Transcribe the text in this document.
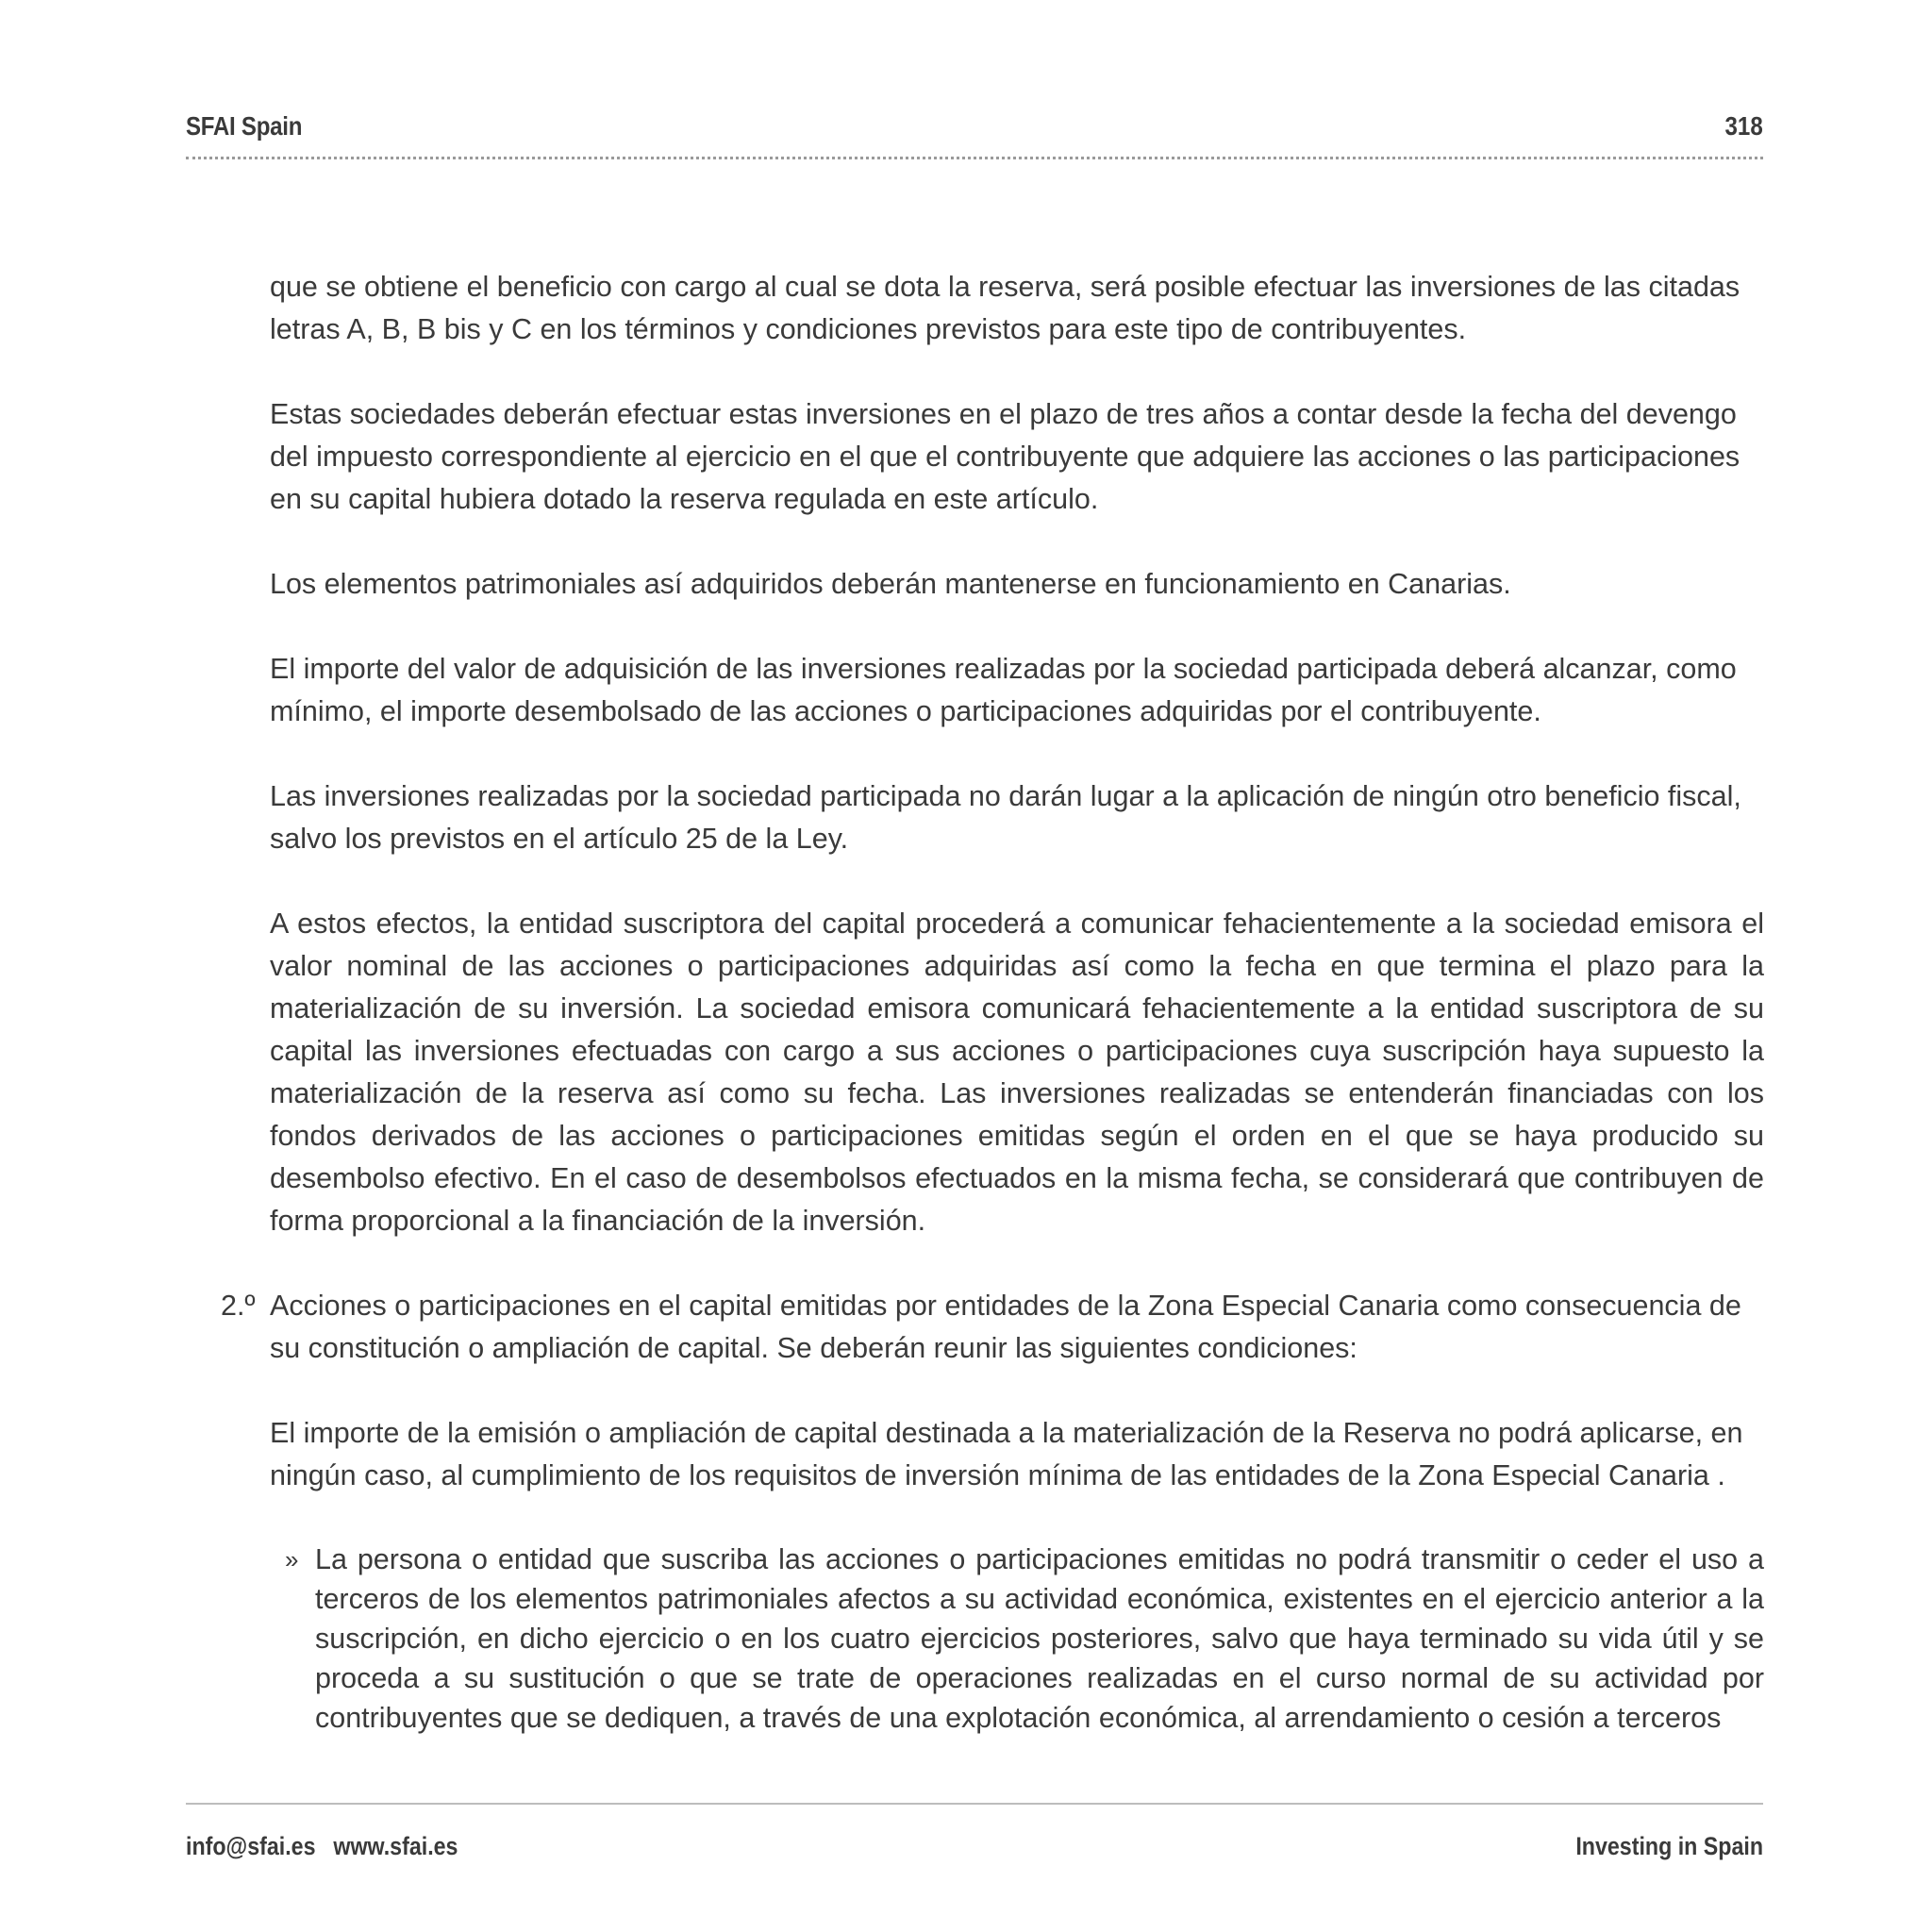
SFAI Spain	318

que se obtiene el beneficio con cargo al cual se dota la reserva, será posible efectuar las inversiones de las citadas letras A, B, B bis y C en los términos y condiciones previstos para este tipo de contribuyentes.

Estas sociedades deberán efectuar estas inversiones en el plazo de tres años a contar desde la fecha del devengo del impuesto correspondiente al ejercicio en el que el contribuyente que adquiere las acciones o las participaciones en su capital hubiera dotado la reserva regulada en este artículo.

Los elementos patrimoniales así adquiridos deberán mantenerse en funcionamiento en Canarias.

El importe del valor de adquisición de las inversiones realizadas por la sociedad participada deberá alcanzar, como mínimo, el importe desembolsado de las acciones o participaciones adquiridas por el contribuyente.

Las inversiones realizadas por la sociedad participada no darán lugar a la aplicación de ningún otro beneficio fiscal, salvo los previstos en el artículo 25 de la Ley.

A estos efectos, la entidad suscriptora del capital procederá a comunicar fehacientemente a la sociedad emisora el valor nominal de las acciones o participaciones adquiridas así como la fecha en que termina el plazo para la materialización de su inversión. La sociedad emisora comunicará fehacientemente a la entidad suscriptora de su capital las inversiones efectuadas con cargo a sus acciones o participaciones cuya suscripción haya supuesto la materialización de la reserva así como su fecha. Las inversiones realizadas se entenderán financiadas con los fondos derivados de las acciones o participaciones emitidas según el orden en el que se haya producido su desembolso efectivo. En el caso de desembolsos efectuados en la misma fecha, se considerará que contribuyen de forma proporcional a la financiación de la inversión.

2.º Acciones o participaciones en el capital emitidas por entidades de la Zona Especial Canaria como consecuencia de su constitución o ampliación de capital. Se deberán reunir las siguientes condiciones:

El importe de la emisión o ampliación de capital destinada a la materialización de la Reserva no podrá aplicarse, en ningún caso, al cumplimiento de los requisitos de inversión mínima de las entidades de la Zona Especial Canaria .

» La persona o entidad que suscriba las acciones o participaciones emitidas no podrá transmitir o ceder el uso a terceros de los elementos patrimoniales afectos a su actividad económica, existentes en el ejercicio anterior a la suscripción, en dicho ejercicio o en los cuatro ejercicios posteriores, salvo que haya terminado su vida útil y se proceda a su sustitución o que se trate de operaciones realizadas en el curso normal de su actividad por contribuyentes que se dediquen, a través de una explotación económica, al arrendamiento o cesión a terceros

info@sfai.es www.sfai.es	Investing in Spain
